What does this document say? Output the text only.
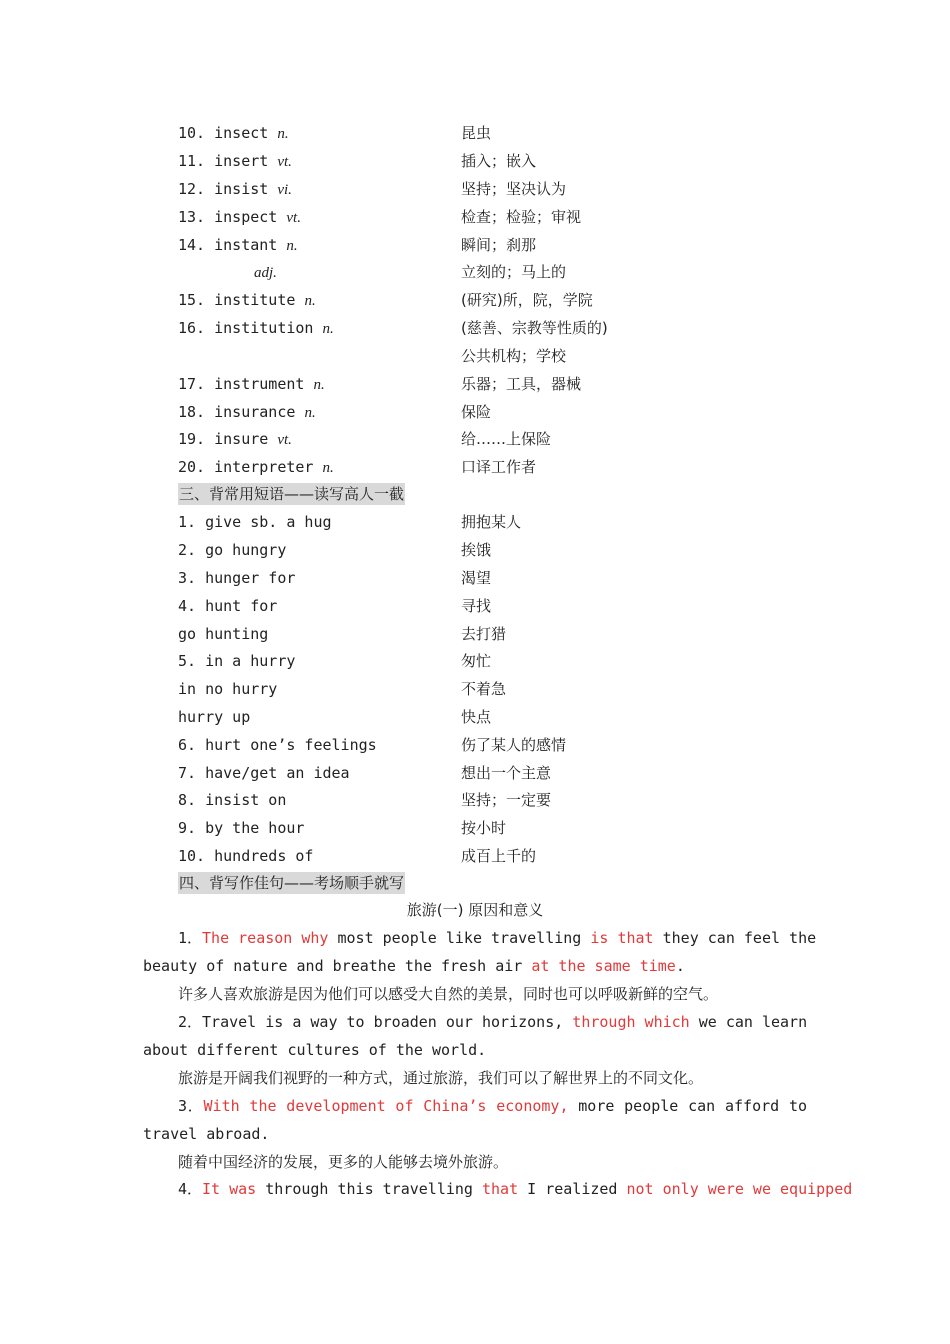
10. insect n.	昆虫
11. insert vt.	插入；嵌入
12. insist vi.	坚持；坚决认为
13. inspect vt.	检查；检验；审视
14. instant n.	瞬间；刹那
adj.	立刻的；马上的
15. institute n.	(研究)所，院，学院
16. institution n.	(慈善、宗教等性质的)
公共机构；学校
17. instrument n.	乐器；工具，器械
18. insurance n.	保险
19. insure vt.	给……上保险
20. interpreter n.	口译工作者
三、背常用短语——读写高人一截
1. give sb. a hug	拥抱某人
2. go hungry	挨饿
3. hunger for	渴望
4. hunt for	寻找
go hunting	去打猎
5. in a hurry	匆忙
in no hurry	不着急
hurry up	快点
6. hurt one’s feelings	伤了某人的感情
7. have/get an idea	想出一个主意
8. insist on	坚持；一定要
9. by the hour	按小时
10. hundreds of	成百上千的
四、背写作佳句——考场顺手就写
旅游(一) 原因和意义
1．The reason why most people like travelling is that they can feel the
beauty of nature and breathe the fresh air at the same time.
许多人喜欢旅游是因为他们可以感受大自然的美景，同时也可以呼吸新鲜的空气。
2．Travel is a way to broaden our horizons, through which we can learn
about different cultures of the world.
旅游是开阔我们视野的一种方式，通过旅游，我们可以了解世界上的不同文化。
3．With the development of China’s economy, more people can afford to
travel abroad.
随着中国经济的发展，更多的人能够去境外旅游。
4．It was through this travelling that I realized not only were we equipped
